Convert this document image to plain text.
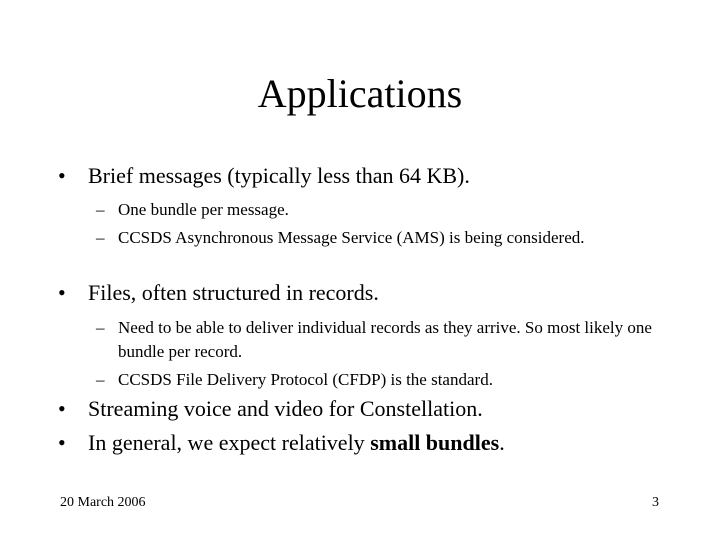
Applications
• Brief messages (typically less than 64 KB).
– One bundle per message.
– CCSDS Asynchronous Message Service (AMS) is being considered.
• Files, often structured in records.
– Need to be able to deliver individual records as they arrive. So most likely one bundle per record.
– CCSDS File Delivery Protocol (CFDP) is the standard.
• Streaming voice and video for Constellation.
• In general, we expect relatively small bundles.
20 March 2006	3
